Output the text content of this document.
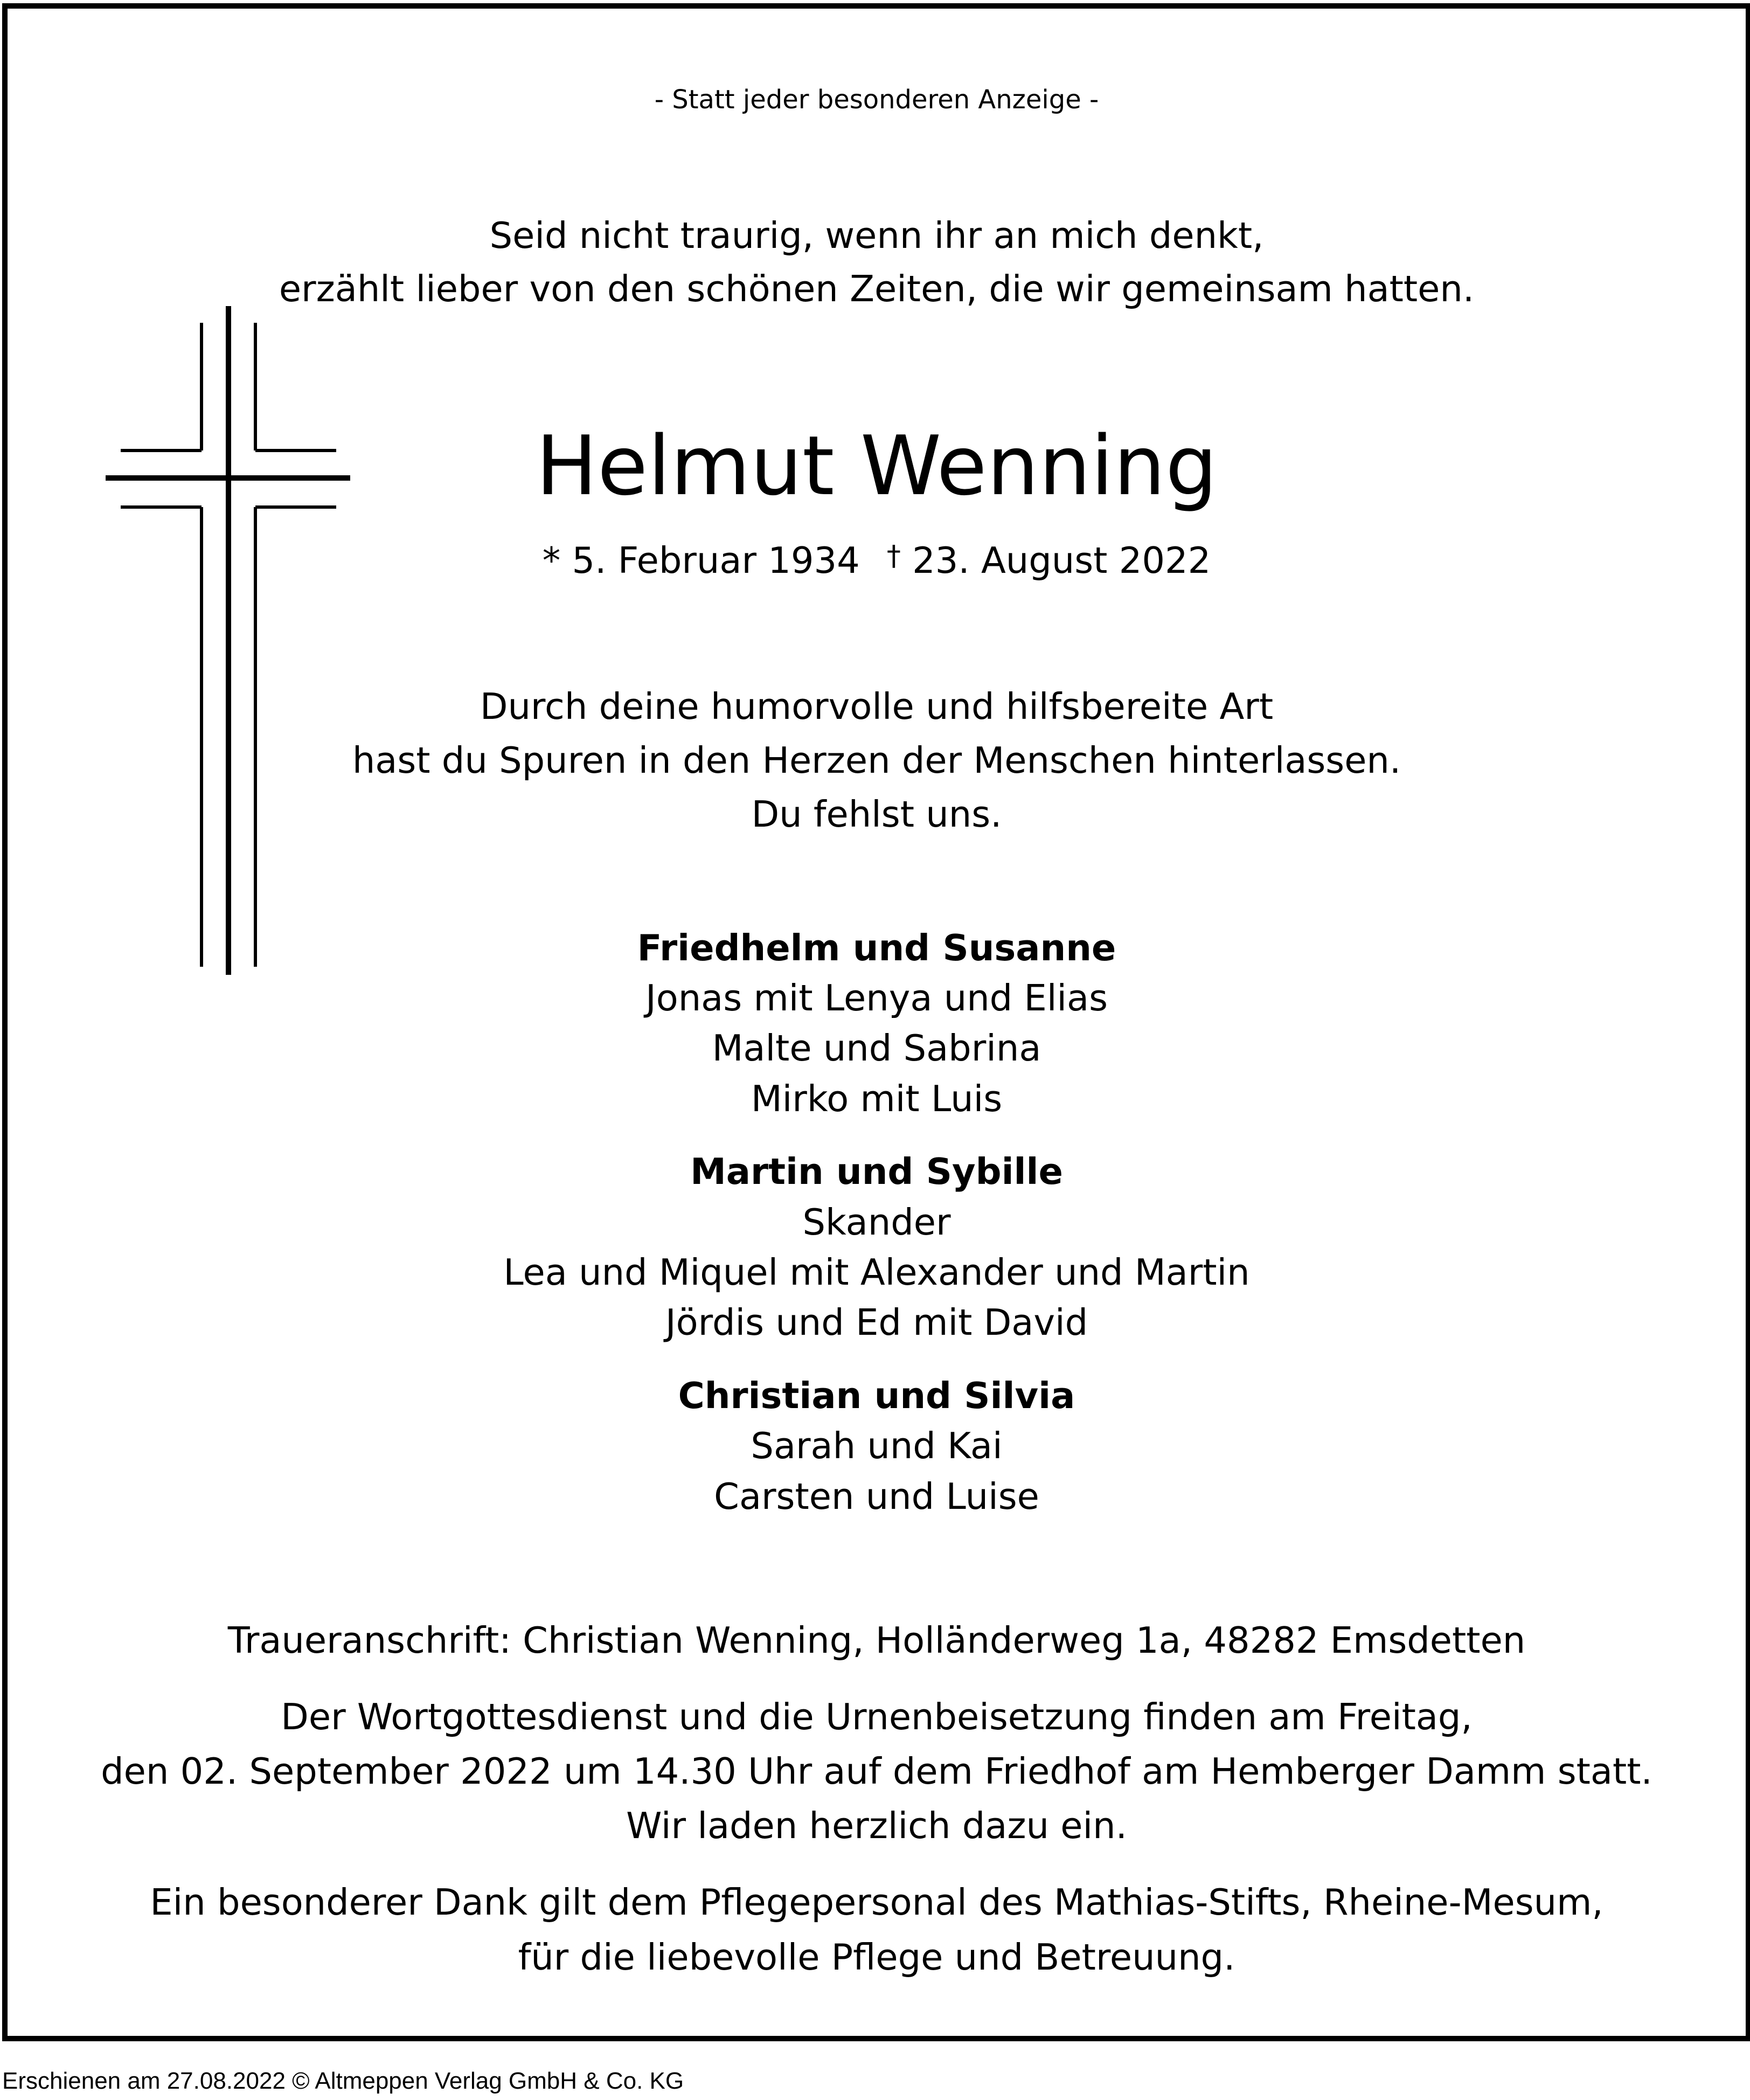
- Statt jeder besonderen Anzeige -
Seid nicht traurig, wenn ihr an mich denkt,
erzählt lieber von den schönen Zeiten, die wir gemeinsam hatten.
Helmut Wenning
* 5. Februar 1934 † 23. August 2022
Durch deine humorvolle und hilfsbereite Art
hast du Spuren in den Herzen der Menschen hinterlassen.
Du fehlst uns.
Friedhelm und Susanne
Jonas mit Lenya und Elias
Malte und Sabrina
Mirko mit Luis
Martin und Sybille
Skander
Lea und Miquel mit Alexander und Martin
Jördis und Ed mit David
Christian und Silvia
Sarah und Kai
Carsten und Luise
Traueranschrift: Christian Wenning, Holländerweg 1a, 48282 Emsdetten
Der Wortgottesdienst und die Urnenbeisetzung finden am Freitag,
den 02. September 2022 um 14.30 Uhr auf dem Friedhof am Hemberger Damm statt.
Wir laden herzlich dazu ein.
Ein besonderer Dank gilt dem Pflegepersonal des Mathias-Stifts, Rheine-Mesum,
für die liebevolle Pflege und Betreuung.
Erschienen am 27.08.2022 © Altmeppen Verlag GmbH & Co. KG
